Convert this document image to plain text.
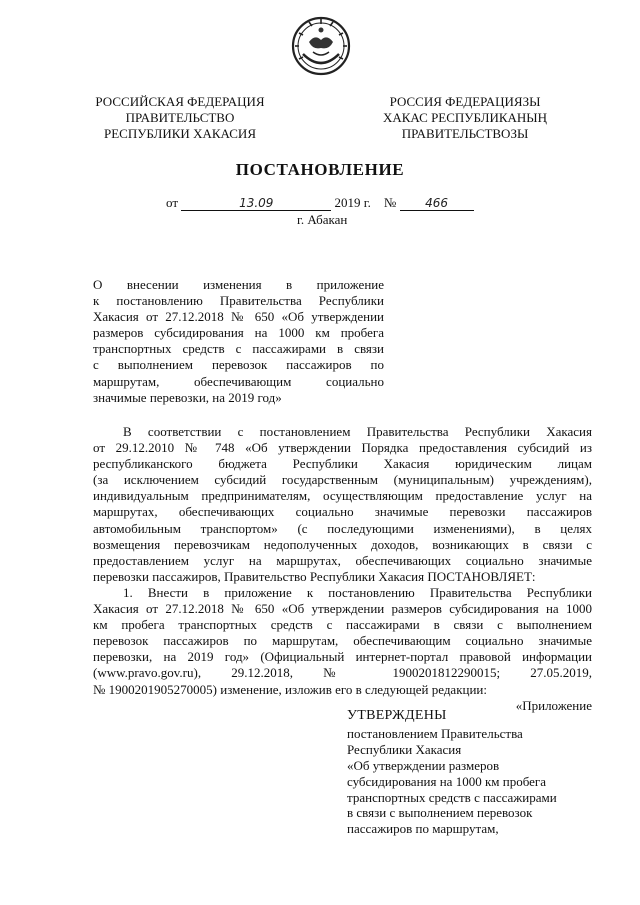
РОССИЙСКАЯ ФЕДЕРАЦИЯ
ПРАВИТЕЛЬСТВО
РЕСПУБЛИКИ ХАКАСИЯ
РОССИЯ ФЕДЕРАЦИЯЗЫ
ХАКАС РЕСПУБЛИКАНЫҢ
ПРАВИТЕЛЬСТВОЗЫ
ПОСТАНОВЛЕНИЕ
от	13.09	2019 г. № 466
г. Абакан
О внесении изменения в приложение
к постановлению Правительства Республики
Хакасия от 27.12.2018 № 650 «Об утверждении
размеров субсидирования на 1000 км пробега
транспортных средств с пассажирами в связи
с выполнением перевозок пассажиров по
маршрутам, обеспечивающим социально
значимые перевозки, на 2019 год»
В соответствии с постановлением Правительства Республики Хакасия
от 29.12.2010 № 748 «Об утверждении Порядка предоставления субсидий из
республиканского бюджета Республики Хакасия юридическим лицам
(за исключением субсидий государственным (муниципальным) учреждениям),
индивидуальным предпринимателям, осуществляющим предоставление услуг на
маршрутах, обеспечивающих социально значимые перевозки пассажиров
автомобильным транспортом» (с последующими изменениями), в целях
возмещения перевозчикам недополученных доходов, возникающих в связи с
предоставлением услуг на маршрутах, обеспечивающих социально значимые
перевозки пассажиров, Правительство Республики Хакасия ПОСТАНОВЛЯЕТ:
1. Внести в приложение к постановлению Правительства Республики
Хакасия от 27.12.2018 № 650 «Об утверждении размеров субсидирования на 1000
км пробега транспортных средств с пассажирами в связи с выполнением
перевозок пассажиров по маршрутам, обеспечивающим социально значимые
перевозки, на 2019 год» (Официальный интернет-портал правовой информации
(www.pravo.gov.ru), 29.12.2018, № 1900201812290015; 27.05.2019,
№ 1900201905270005) изменение, изложив его в следующей редакции:
«Приложение
УТВЕРЖДЕНЫ
постановлением Правительства
Республики Хакасия
«Об утверждении размеров
субсидирования на 1000 км пробега
транспортных средств с пассажирами
в связи с выполнением перевозок
пассажиров по маршрутам,
